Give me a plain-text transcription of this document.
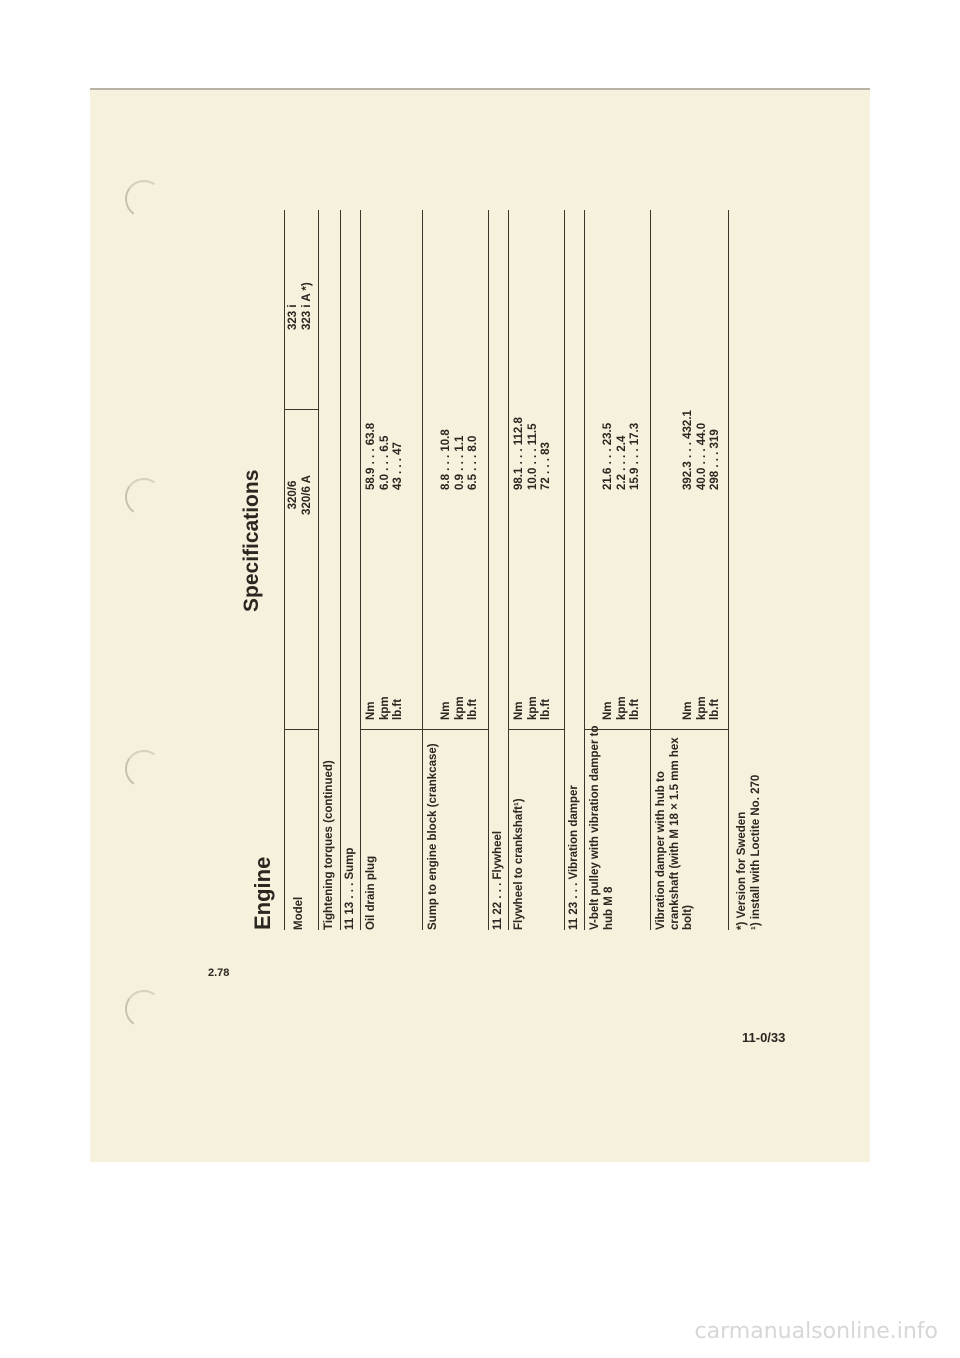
2.78
11-0/33
carmanualsonline.info
Engine
Specifications
Model
320/6 320/6 A
323 i 323 i A *)
Tightening torques (continued) 11 13 . . . Sump Oil drain plug
Nm kpm lb.ft
58.9 . . . 63.8 6.0 . . . 6.5 43 . . . 47
Sump to engine block (crankcase)
Nm kpm lb.ft
8.8 . . . 10.8 0.9 . . . 1.1 6.5 . . . 8.0
11 22 . . . Flywheel Flywheel to crankshaft¹)
Nm kpm lb.ft
98.1 . . . 112.8 10.0 . . . 11.5 72 . . . 83
11 23 . . . Vibration damper V-belt pulley with vibration damper to hub M 8
Nm kpm lb.ft
21.6 . . . 23.5 2.2 . . . 2.4 15.9 . . . 17.3
Vibration damper with hub to crankshaft (with M 18 × 1.5 mm hex bolt)
Nm kpm lb.ft
392.3 . . . 432.1 40.0 . . . 44.0 298 . . . 319
*) Version for Sweden ¹) install with Loctite No. 270
